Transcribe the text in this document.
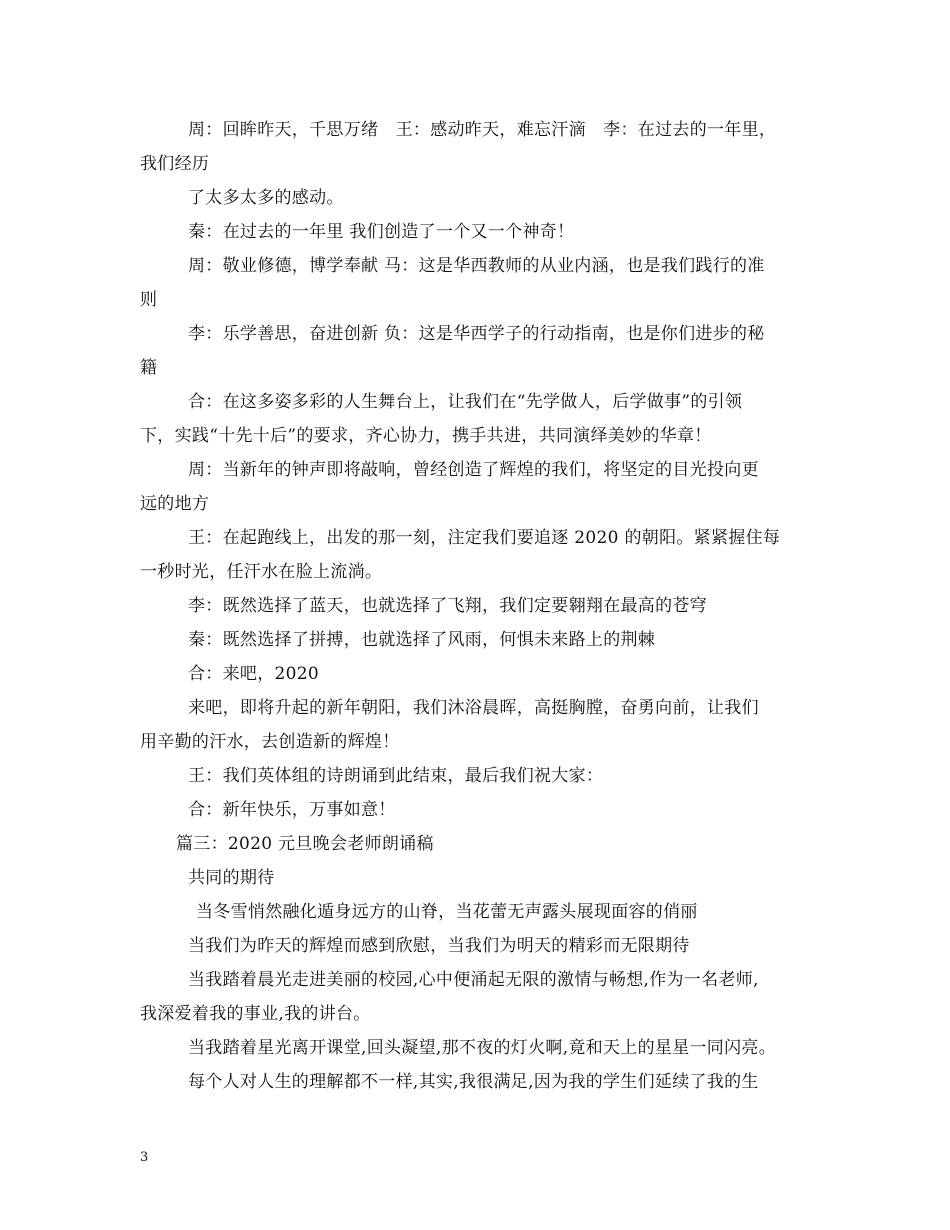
周：回眸昨天，千思万绪　王：感动昨天，难忘汗滴　李：在过去的一年里，
我们经历
了太多太多的感动。
秦：在过去的一年里 我们创造了一个又一个神奇！
周：敬业修德，博学奉献 马：这是华西教师的从业内涵，也是我们践行的准
则
李：乐学善思，奋进创新 负：这是华西学子的行动指南，也是你们进步的秘
籍
合：在这多姿多彩的人生舞台上，让我们在“先学做人，后学做事”的引领
下，实践“十先十后”的要求，齐心协力，携手共进，共同演绎美妙的华章！
周：当新年的钟声即将敲响，曾经创造了辉煌的我们，将坚定的目光投向更
远的地方
王：在起跑线上，出发的那一刻，注定我们要追逐 2020 的朝阳。紧紧握住每
一秒时光，任汗水在脸上流淌。
李：既然选择了蓝天，也就选择了飞翔，我们定要翱翔在最高的苍穹
秦：既然选择了拼搏，也就选择了风雨，何惧未来路上的荆棘
合：来吧，2020
来吧，即将升起的新年朝阳，我们沐浴晨晖，高挺胸膛，奋勇向前，让我们
用辛勤的汗水，去创造新的辉煌！
王：我们英体组的诗朗诵到此结束，最后我们祝大家：
合：新年快乐，万事如意！
篇三：2020 元旦晚会老师朗诵稿
共同的期待
当冬雪悄然融化遁身远方的山脊，当花蕾无声露头展现面容的俏丽
当我们为昨天的辉煌而感到欣慰，当我们为明天的精彩而无限期待
当我踏着晨光走进美丽的校园,心中便涌起无限的激情与畅想,作为一名老师,
我深爱着我的事业,我的讲台。
当我踏着星光离开课堂,回头凝望,那不夜的灯火啊,竟和天上的星星一同闪亮。
每个人对人生的理解都不一样,其实,我很满足,因为我的学生们延续了我的生
3
